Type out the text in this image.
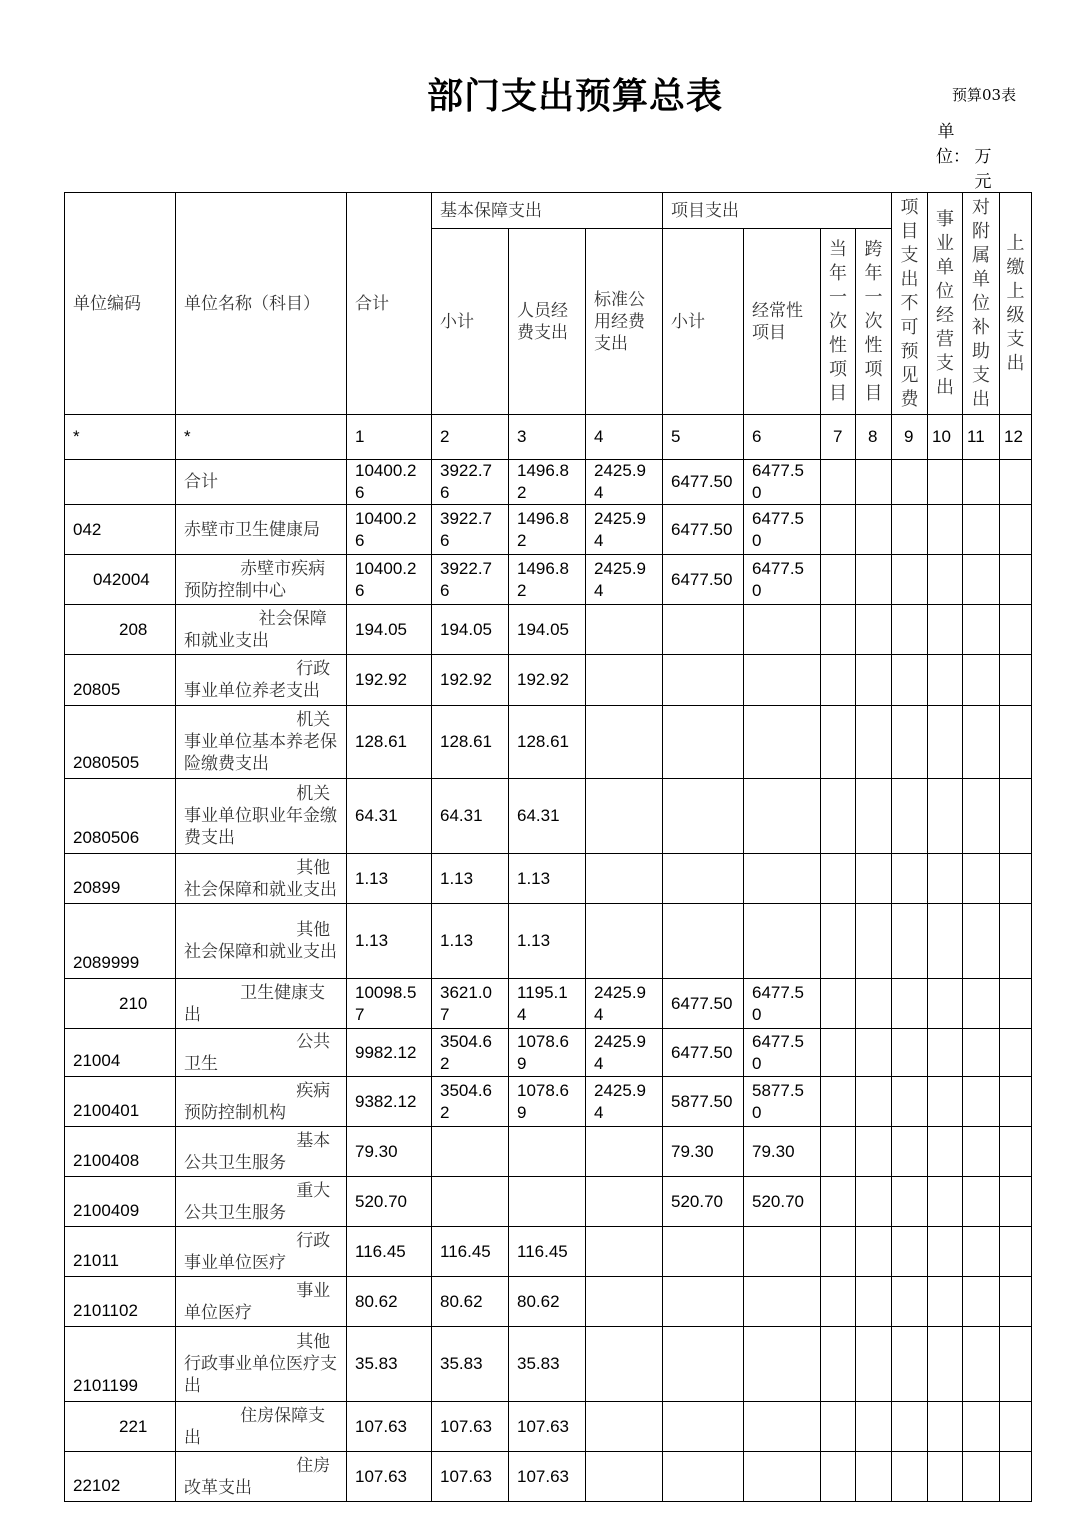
部门支出预算总表	预算03表
单位： 万元
单位编码	单位名称（科目）	合计	基本保障支出			项目支出				项目支出不可预见费	事业单位经营支出	对附属单位补助支出	上缴上级支出
			小计	人员经费支出	标准公用经费支出	小计	经常性项目	当年一次性项目	跨年一次性项目				
*	*	1	2	3	4	5	6	7	8	9	10	11	12
	合计	10400.26	3922.76	1496.82	2425.94	6477.50	6477.50						
042	赤壁市卫生健康局	10400.26	3922.76	1496.82	2425.94	6477.50	6477.50						
042004	赤壁市疾病预防控制中心	10400.26	3922.76	1496.82	2425.94	6477.50	6477.50						
208	社会保障和就业支出	194.05	194.05	194.05									
20805	行政事业单位养老支出	192.92	192.92	192.92									
2080505	机关事业单位基本养老保险缴费支出	128.61	128.61	128.61									
2080506	机关事业单位职业年金缴费支出	64.31	64.31	64.31									
20899	其他社会保障和就业支出	1.13	1.13	1.13									
2089999	其他社会保障和就业支出	1.13	1.13	1.13									
210	卫生健康支出	10098.57	3621.07	1195.14	2425.94	6477.50	6477.50						
21004	公共卫生	9982.12	3504.62	1078.69	2425.94	6477.50	6477.50						
2100401	疾病预防控制机构	9382.12	3504.62	1078.69	2425.94	5877.50	5877.50						
2100408	基本公共卫生服务	79.30				79.30	79.30						
2100409	重大公共卫生服务	520.70				520.70	520.70						
21011	行政事业单位医疗	116.45	116.45	116.45									
2101102	事业单位医疗	80.62	80.62	80.62									
2101199	其他行政事业单位医疗支出	35.83	35.83	35.83									
221	住房保障支出	107.63	107.63	107.63									
22102	住房改革支出	107.63	107.63	107.63									
